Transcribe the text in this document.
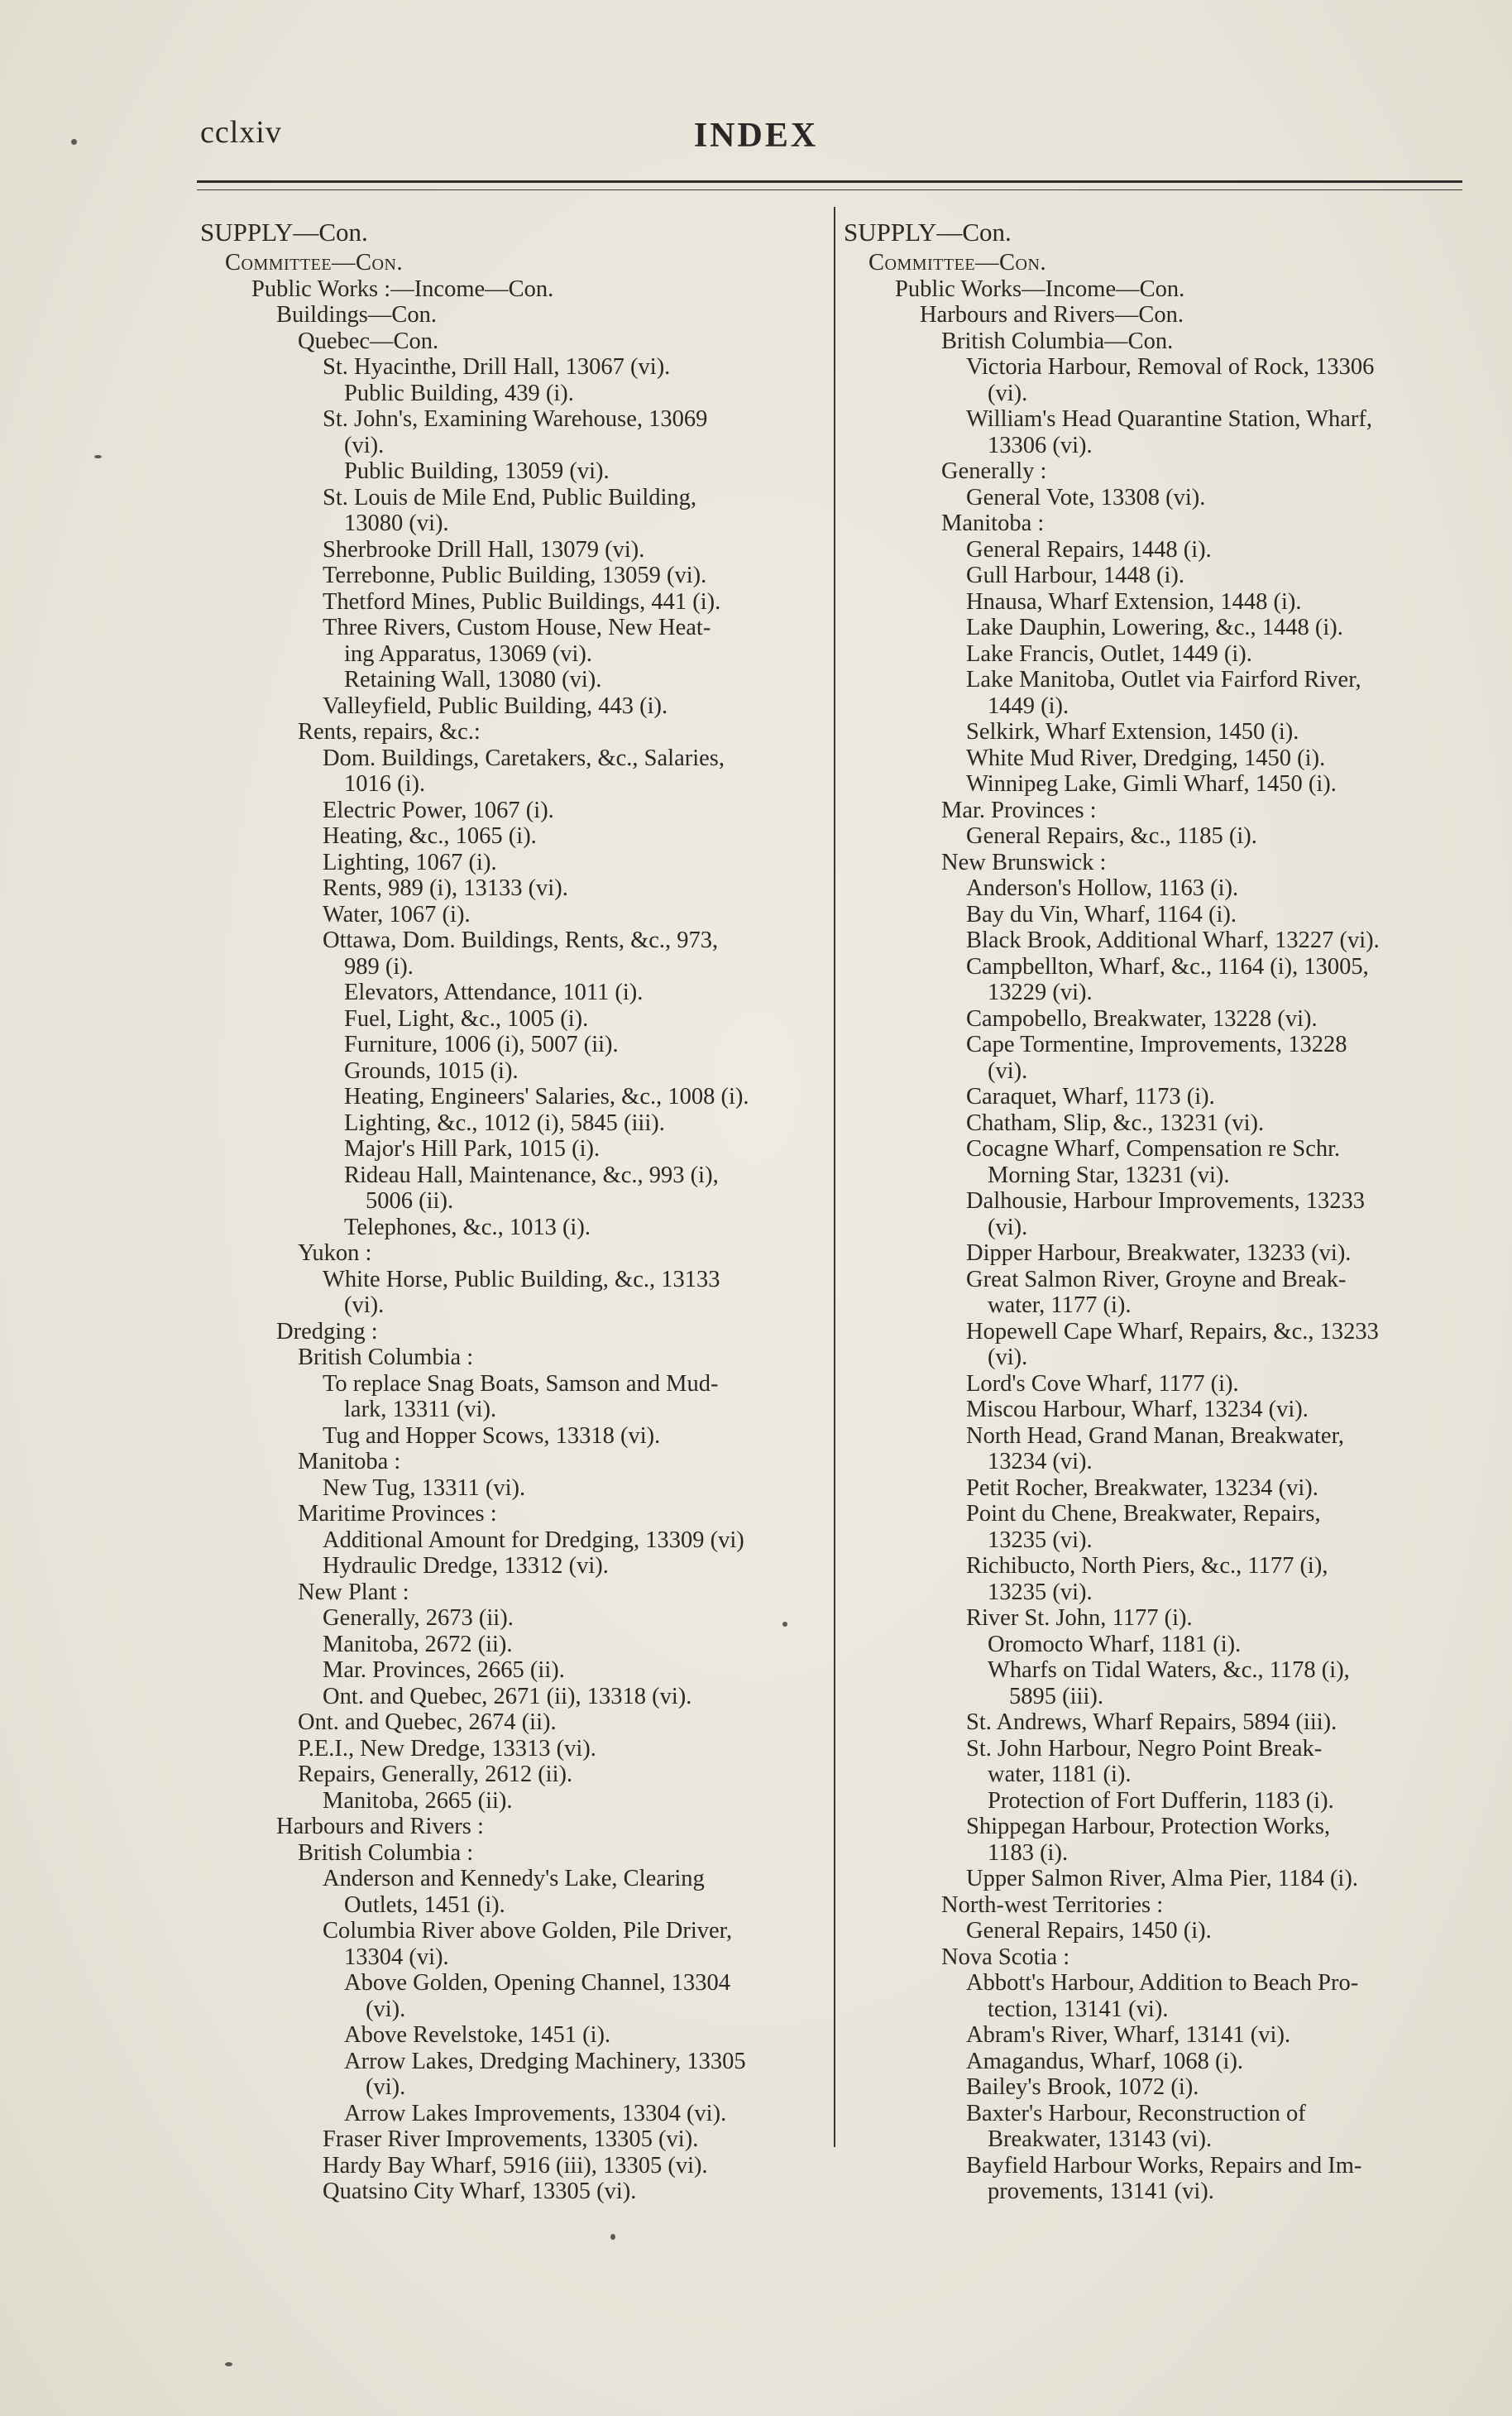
cclxiv	INDEX
SUPPLY—Con.
Committee—Con.
Public Works :—Income—Con.
Buildings—Con.
Quebec—Con.
St. Hyacinthe, Drill Hall, 13067 (vi).
Public Building, 439 (i).
St. John's, Examining Warehouse, 13069
(vi).
Public Building, 13059 (vi).
St. Louis de Mile End, Public Building,
13080 (vi).
Sherbrooke Drill Hall, 13079 (vi).
Terrebonne, Public Building, 13059 (vi).
Thetford Mines, Public Buildings, 441 (i).
Three Rivers, Custom House, New Heat-
ing Apparatus, 13069 (vi).
Retaining Wall, 13080 (vi).
Valleyfield, Public Building, 443 (i).
Rents, repairs, &c.:
Dom. Buildings, Caretakers, &c., Salaries,
1016 (i).
Electric Power, 1067 (i).
Heating, &c., 1065 (i).
Lighting, 1067 (i).
Rents, 989 (i), 13133 (vi).
Water, 1067 (i).
Ottawa, Dom. Buildings, Rents, &c., 973,
989 (i).
Elevators, Attendance, 1011 (i).
Fuel, Light, &c., 1005 (i).
Furniture, 1006 (i), 5007 (ii).
Grounds, 1015 (i).
Heating, Engineers' Salaries, &c., 1008 (i).
Lighting, &c., 1012 (i), 5845 (iii).
Major's Hill Park, 1015 (i).
Rideau Hall, Maintenance, &c., 993 (i),
5006 (ii).
Telephones, &c., 1013 (i).
Yukon :
White Horse, Public Building, &c., 13133
(vi).
Dredging :
British Columbia :
To replace Snag Boats, Samson and Mud-
lark, 13311 (vi).
Tug and Hopper Scows, 13318 (vi).
Manitoba :
New Tug, 13311 (vi).
Maritime Provinces :
Additional Amount for Dredging, 13309 (vi)
Hydraulic Dredge, 13312 (vi).
New Plant :
Generally, 2673 (ii).
Manitoba, 2672 (ii).
Mar. Provinces, 2665 (ii).
Ont. and Quebec, 2671 (ii), 13318 (vi).
Ont. and Quebec, 2674 (ii).
P.E.I., New Dredge, 13313 (vi).
Repairs, Generally, 2612 (ii).
Manitoba, 2665 (ii).
Harbours and Rivers :
British Columbia :
Anderson and Kennedy's Lake, Clearing
Outlets, 1451 (i).
Columbia River above Golden, Pile Driver,
13304 (vi).
Above Golden, Opening Channel, 13304
(vi).
Above Revelstoke, 1451 (i).
Arrow Lakes, Dredging Machinery, 13305
(vi).
Arrow Lakes Improvements, 13304 (vi).
Fraser River Improvements, 13305 (vi).
Hardy Bay Wharf, 5916 (iii), 13305 (vi).
Quatsino City Wharf, 13305 (vi).
SUPPLY—Con.
Committee—Con.
Public Works—Income—Con.
Harbours and Rivers—Con.
British Columbia—Con.
Victoria Harbour, Removal of Rock, 13306
(vi).
William's Head Quarantine Station, Wharf,
13306 (vi).
Generally :
General Vote, 13308 (vi).
Manitoba :
General Repairs, 1448 (i).
Gull Harbour, 1448 (i).
Hnausa, Wharf Extension, 1448 (i).
Lake Dauphin, Lowering, &c., 1448 (i).
Lake Francis, Outlet, 1449 (i).
Lake Manitoba, Outlet via Fairford River,
1449 (i).
Selkirk, Wharf Extension, 1450 (i).
White Mud River, Dredging, 1450 (i).
Winnipeg Lake, Gimli Wharf, 1450 (i).
Mar. Provinces :
General Repairs, &c., 1185 (i).
New Brunswick :
Anderson's Hollow, 1163 (i).
Bay du Vin, Wharf, 1164 (i).
Black Brook, Additional Wharf, 13227 (vi).
Campbellton, Wharf, &c., 1164 (i), 13005,
13229 (vi).
Campobello, Breakwater, 13228 (vi).
Cape Tormentine, Improvements, 13228
(vi).
Caraquet, Wharf, 1173 (i).
Chatham, Slip, &c., 13231 (vi).
Cocagne Wharf, Compensation re Schr.
Morning Star, 13231 (vi).
Dalhousie, Harbour Improvements, 13233
(vi).
Dipper Harbour, Breakwater, 13233 (vi).
Great Salmon River, Groyne and Break-
water, 1177 (i).
Hopewell Cape Wharf, Repairs, &c., 13233
(vi).
Lord's Cove Wharf, 1177 (i).
Miscou Harbour, Wharf, 13234 (vi).
North Head, Grand Manan, Breakwater,
13234 (vi).
Petit Rocher, Breakwater, 13234 (vi).
Point du Chene, Breakwater, Repairs,
13235 (vi).
Richibucto, North Piers, &c., 1177 (i),
13235 (vi).
River St. John, 1177 (i).
Oromocto Wharf, 1181 (i).
Wharfs on Tidal Waters, &c., 1178 (i),
5895 (iii).
St. Andrews, Wharf Repairs, 5894 (iii).
St. John Harbour, Negro Point Break-
water, 1181 (i).
Protection of Fort Dufferin, 1183 (i).
Shippegan Harbour, Protection Works,
1183 (i).
Upper Salmon River, Alma Pier, 1184 (i).
North-west Territories :
General Repairs, 1450 (i).
Nova Scotia :
Abbott's Harbour, Addition to Beach Pro-
tection, 13141 (vi).
Abram's River, Wharf, 13141 (vi).
Amagandus, Wharf, 1068 (i).
Bailey's Brook, 1072 (i).
Baxter's Harbour, Reconstruction of
Breakwater, 13143 (vi).
Bayfield Harbour Works, Repairs and Im-
provements, 13141 (vi).
